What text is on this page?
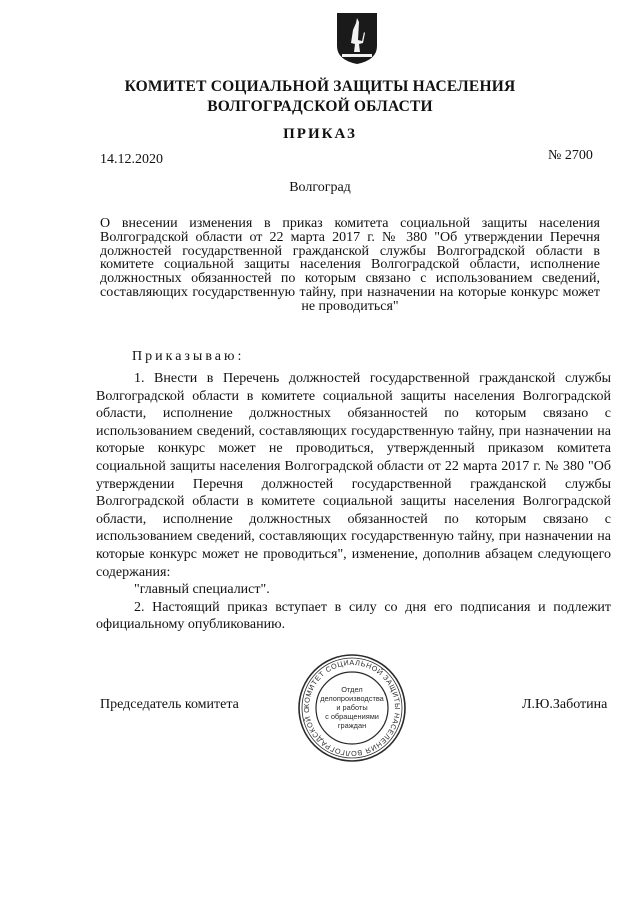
КОМИТЕТ СОЦИАЛЬНОЙ ЗАЩИТЫ НАСЕЛЕНИЯ
ВОЛГОГРАДСКОЙ ОБЛАСТИ
ПРИКАЗ
14.12.2020	№ 2700
Волгоград
О внесении изменения в приказ комитета социальной защиты населения Волгоградской области от 22 марта 2017 г. № 380 "Об утверждении Перечня должностей государственной гражданской службы Волгоградской области в комитете социальной защиты населения Волгоградской области, исполнение должностных обязанностей по которым связано с использованием сведений, составляющих государственную тайну, при назначении на которые конкурс может не проводиться"
Приказываю:

1. Внести в Перечень должностей государственной гражданской службы Волгоградской области в комитете социальной защиты населения Волгоградской области, исполнение должностных обязанностей по которым связано с использованием сведений, составляющих государственную тайну, при назначении на которые конкурс может не проводиться, утвержденный приказом комитета социальной защиты населения Волгоградской области от 22 марта 2017 г. № 380 "Об утверждении Перечня должностей государственной гражданской службы Волгоградской области в комитете социальной защиты населения Волгоградской области, исполнение должностных обязанностей по которым связано с использованием сведений, составляющих государственную тайну, при назначении на которые конкурс может не проводиться", изменение, дополнив абзацем следующего содержания:

"главный специалист".

2. Настоящий приказ вступает в силу со дня его подписания и подлежит официальному опубликованию.

Председатель комитета	Л.Ю.Заботина
КОМИТЕТ СОЦИАЛЬНОЙ ЗАЩИТЫ НАСЕЛЕНИЯ ВОЛГОГРАДСКОЙ О
Отдел
делопроизводства
и работы
с обращениями
граждан
